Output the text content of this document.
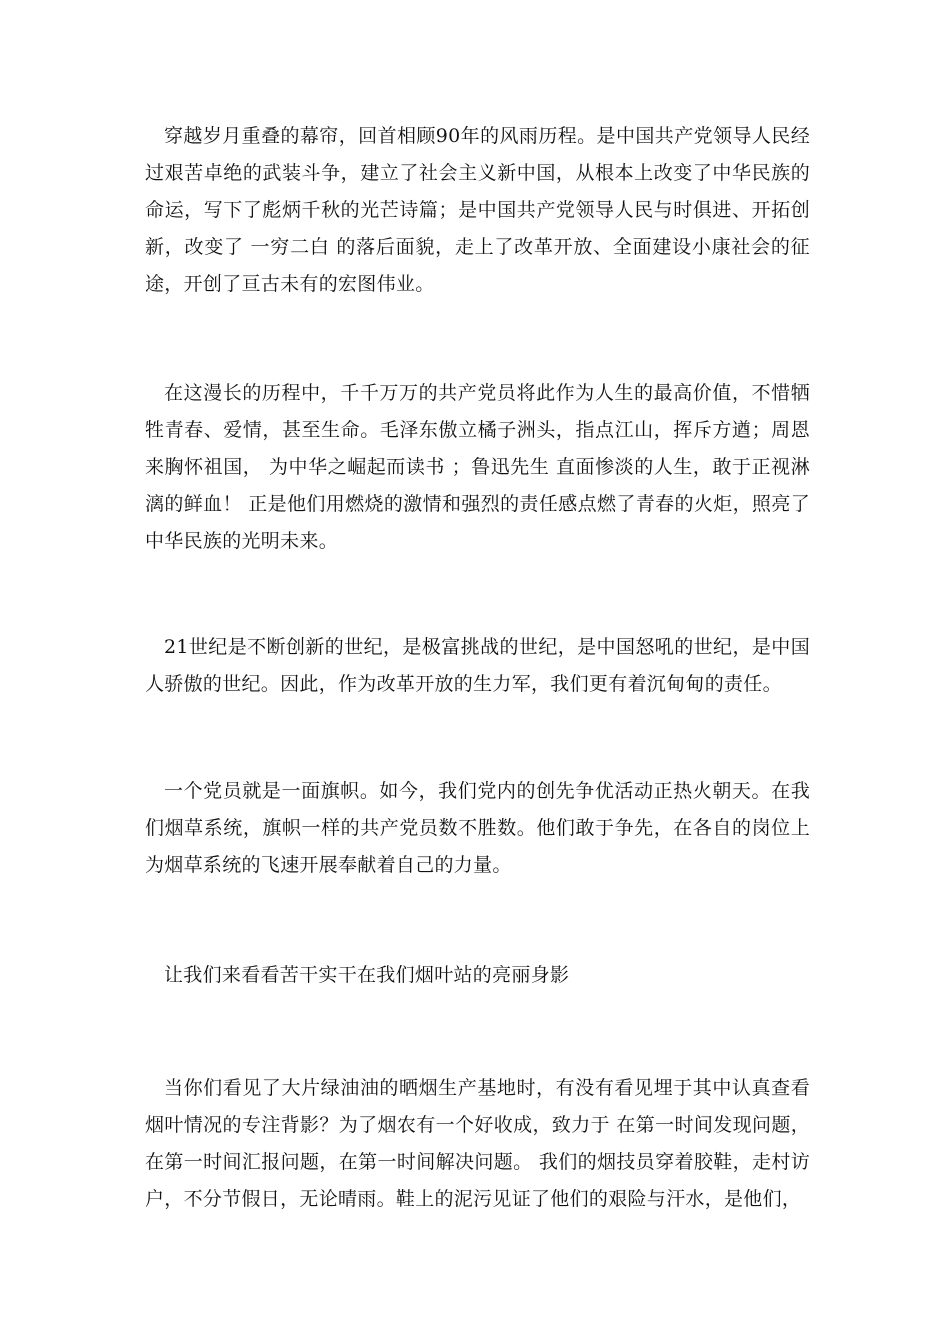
穿越岁月重叠的幕帘，回首相顾90年的风雨历程。是中国共产党领导人民经过艰苦卓绝的武装斗争，建立了社会主义新中国，从根本上改变了中华民族的命运，写下了彪炳千秋的光芒诗篇；是中国共产党领导人民与时俱进、开拓创新，改变了 一穷二白 的落后面貌，走上了改革开放、全面建设小康社会的征途，开创了亘古未有的宏图伟业。

在这漫长的历程中，千千万万的共产党员将此作为人生的最高价值，不惜牺牲青春、爱情，甚至生命。毛泽东傲立橘子洲头，指点江山，挥斥方遒；周恩来胸怀祖国， 为中华之崛起而读书 ；鲁迅先生 直面惨淡的人生，敢于正视淋漓的鲜血！ 正是他们用燃烧的激情和强烈的责任感点燃了青春的火炬，照亮了中华民族的光明未来。

21世纪是不断创新的世纪，是极富挑战的世纪，是中国怒吼的世纪，是中国人骄傲的世纪。因此，作为改革开放的生力军，我们更有着沉甸甸的责任。

一个党员就是一面旗帜。如今，我们党内的创先争优活动正热火朝天。在我们烟草系统，旗帜一样的共产党员数不胜数。他们敢于争先，在各自的岗位上为烟草系统的飞速开展奉献着自己的力量。

让我们来看看苦干实干在我们烟叶站的亮丽身影

当你们看见了大片绿油油的晒烟生产基地时，有没有看见埋于其中认真查看烟叶情况的专注背影？为了烟农有一个好收成，致力于 在第一时间发现问题，在第一时间汇报问题，在第一时间解决问题。 我们的烟技员穿着胶鞋，走村访户，不分节假日，无论晴雨。鞋上的泥污见证了他们的艰险与汗水，是他们，
